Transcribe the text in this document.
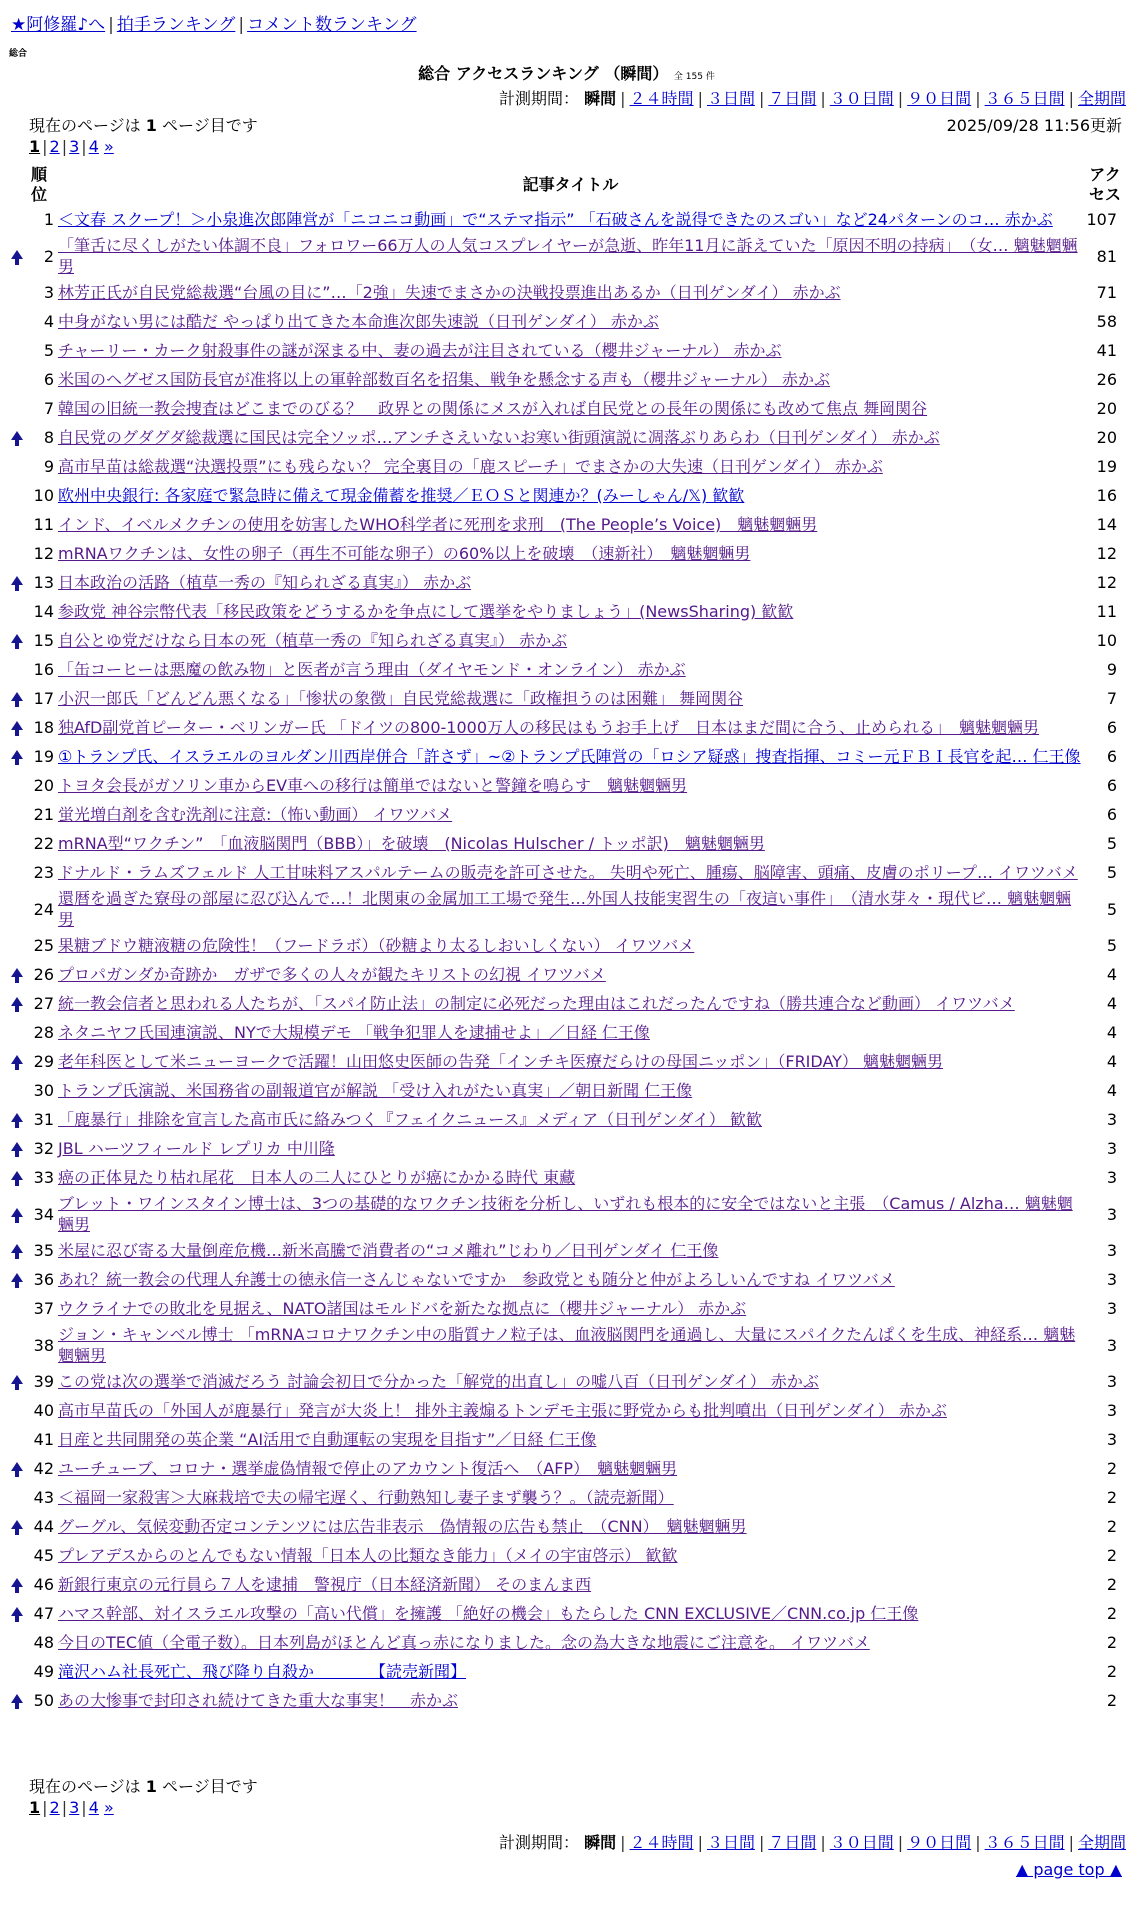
★阿修羅♪へ | 拍手ランキング | コメント数ランキング
総合
総合 アクセスランキング （瞬間） 全 155 件
計測期間： 瞬間 | ２４時間 | ３日間 | ７日間 | ３０日間 | ９０日間 | ３６５日間 | 全期間
現在のページは 1 ページ目です	2025/09/28 11:56更新
1 | 2 | 3 | 4 »
	順位	記事タイトル	アクセス
	1	＜文春 スクープ！＞小泉進次郎陣営が「ニコニコ動画」で“ステマ指示” 「石破さんを説得できたのスゴい」など24パターンのコ… 赤かぶ	107
	2	「筆舌に尽くしがたい体調不良」フォロワー66万人の人気コスプレイヤーが急逝、昨年11月に訴えていた「原因不明の持病」　（女… 魑魅魍魎男	81
	3	林芳正氏が自民党総裁選“台風の目に”…「2強」失速でまさかの決戦投票進出あるか（日刊ゲンダイ） 赤かぶ	71
	4	中身がない男には酷だ やっぱり出てきた本命進次郎失速説（日刊ゲンダイ） 赤かぶ	58
	5	チャーリー・カーク射殺事件の謎が深まる中、妻の過去が注目されている（櫻井ジャーナル） 赤かぶ	41
	6	米国のヘグゼス国防長官が准将以上の軍幹部数百名を招集、戦争を懸念する声も（櫻井ジャーナル） 赤かぶ	26
	7	韓国の旧統一教会捜査はどこまでのびる？　政界との関係にメスが入れば自民党との長年の関係にも改めて焦点 舞岡関谷	20
	8	自民党のグダグダ総裁選に国民は完全ソッポ…アンチさえいないお寒い街頭演説に凋落ぶりあらわ（日刊ゲンダイ） 赤かぶ	20
	9	高市早苗は総裁選“決選投票”にも残らない？ 完全裏目の「鹿スピーチ」でまさかの大失速（日刊ゲンダイ） 赤かぶ	19
	10	欧州中央銀行: 各家庭で緊急時に備えて現金備蓄を推奨／ＥＯＳと関連か？(みーしゃん/𝕏) 歓歓	16
	11	インド、イベルメクチンの使用を妨害したWHO科学者に死刑を求刑　(The People’s Voice)　魑魅魍魎男	14
	12	mRNAワクチンは、女性の卵子（再生不可能な卵子）の60%以上を破壊　（速新社）　魑魅魍魎男	12
	13	日本政治の活路（植草一秀の『知られざる真実』） 赤かぶ	12
	14	参政党 神谷宗幣代表「移民政策をどうするかを争点にして選挙をやりましょう」(NewsSharing) 歓歓	11
	15	自公とゆ党だけなら日本の死（植草一秀の『知られざる真実』） 赤かぶ	10
	16	「缶コーヒーは悪魔の飲み物」と医者が言う理由（ダイヤモンド・オンライン） 赤かぶ	9
	17	小沢一郎氏「どんどん悪くなる」「惨状の象徴」自民党総裁選に「政権担うのは困難」 舞岡関谷	7
	18	独AfD副党首ピーター・ベリンガー氏 「ドイツの800-1000万人の移民はもうお手上げ　日本はまだ間に合う、止められる」　魑魅魍魎男	6
	19	①トランプ氏、イスラエルのヨルダン川西岸併合「許さず」~②トランプ氏陣営の「ロシア疑惑」捜査指揮、コミー元ＦＢＩ長官を起… 仁王像	6
	20	トヨタ会長がガソリン車からEV車への移行は簡単ではないと警鐘を鳴らす　魑魅魍魎男	6
	21	蛍光増白剤を含む洗剤に注意:（怖い動画） イワツバメ	6
	22	mRNA型“ワクチン”　「血液脳関門（BBB）」を破壊　(Nicolas Hulscher / トッポ訳)　魑魅魍魎男	5
	23	ドナルド・ラムズフェルド 人工甘味料アスパルテームの販売を許可させた。 失明や死亡、腫瘍、脳障害、頭痛、皮膚のポリープ… イワツバメ	5
	24	還暦を過ぎた寮母の部屋に忍び込んで…！北関東の金属加工工場で発生…外国人技能実習生の「夜這い事件」　（清水芽々・現代ビ… 魑魅魍魎男	5
	25	果糖ブドウ糖液糖の危険性！（フードラボ）（砂糖より太るしおいしくない） イワツバメ	5
	26	プロパガンダか奇跡か　ガザで多くの人々が観たキリストの幻視 イワツバメ	4
	27	統一教会信者と思われる人たちが、「スパイ防止法」の制定に必死だった理由はこれだったんですね（勝共連合など動画） イワツバメ	4
	28	ネタニヤフ氏国連演説、NYで大規模デモ 「戦争犯罪人を逮捕せよ」／日経 仁王像	4
	29	老年科医として米ニューヨークで活躍！山田悠史医師の告発「インチキ医療だらけの母国ニッポン」（FRIDAY） 魑魅魍魎男	4
	30	トランプ氏演説、米国務省の副報道官が解説 「受け入れがたい真実」／朝日新聞 仁王像	4
	31	「鹿暴行」排除を宣言した高市氏に絡みつく『フェイクニュース』メディア（日刊ゲンダイ） 歓歓	3
	32	JBL ハーツフィールド レプリカ 中川隆	3
	33	癌の正体見たり枯れ尾花　日本人の二人にひとりが癌にかかる時代 東藏	3
	34	ブレット・ワインスタイン博士は、3つの基礎的なワクチン技術を分析し、いずれも根本的に安全ではないと主張　（Camus / Alzha… 魑魅魍魎男	3
	35	米屋に忍び寄る大量倒産危機…新米高騰で消費者の“コメ離れ”じわり／日刊ゲンダイ 仁王像	3
	36	あれ？統一教会の代理人弁護士の徳永信一さんじゃないですか　参政党とも随分と仲がよろしいんですね イワツバメ	3
	37	ウクライナでの敗北を見据え、NATO諸国はモルドバを新たな拠点に（櫻井ジャーナル） 赤かぶ	3
	38	ジョン・キャンベル博士 「mRNAコロナワクチン中の脂質ナノ粒子は、血液脳関門を通過し、大量にスパイクたんぱくを生成、神経系… 魑魅魍魎男	3
	39	この党は次の選挙で消滅だろう 討論会初日で分かった「解党的出直し」の嘘八百（日刊ゲンダイ） 赤かぶ	3
	40	高市早苗氏の「外国人が鹿暴行」発言が大炎上！ 排外主義煽るトンデモ主張に野党からも批判噴出（日刊ゲンダイ） 赤かぶ	3
	41	日産と共同開発の英企業 “AI活用で自動運転の実現を目指す”／日経 仁王像	3
	42	ユーチューブ、コロナ・選挙虚偽情報で停止のアカウント復活へ　（AFP）　魑魅魍魎男	2
	43	＜福岡一家殺害＞大麻栽培で夫の帰宅遅く、行動熟知し妻子まず襲う？。（読売新聞）	2
	44	グーグル、気候変動否定コンテンツには広告非表示　偽情報の広告も禁止　（CNN）　魑魅魍魎男	2
	45	プレアデスからのとんでもない情報「日本人の比類なき能力」（メイの宇宙啓示） 歓歓	2
	46	新銀行東京の元行員ら７人を逮捕　警視庁（日本経済新聞） そのまんま西	2
	47	ハマス幹部、対イスラエル攻撃の「高い代償」を擁護 「絶好の機会」もたらした CNN EXCLUSIVE／CNN.co.jp 仁王像	2
	48	今日のTEC値（全電子数）。日本列島がほとんど真っ赤になりました。念の為大きな地震にご注意を。 イワツバメ	2
	49	滝沢ハム社長死亡、飛び降り自殺か　　　　【読売新聞】	2
	50	あの大惨事で封印され続けてきた重大な事実！　赤かぶ	2
現在のページは 1 ページ目です
1 | 2 | 3 | 4 »
計測期間： 瞬間 | ２４時間 | ３日間 | ７日間 | ３０日間 | ９０日間 | ３６５日間 | 全期間
▲ page top ▲
